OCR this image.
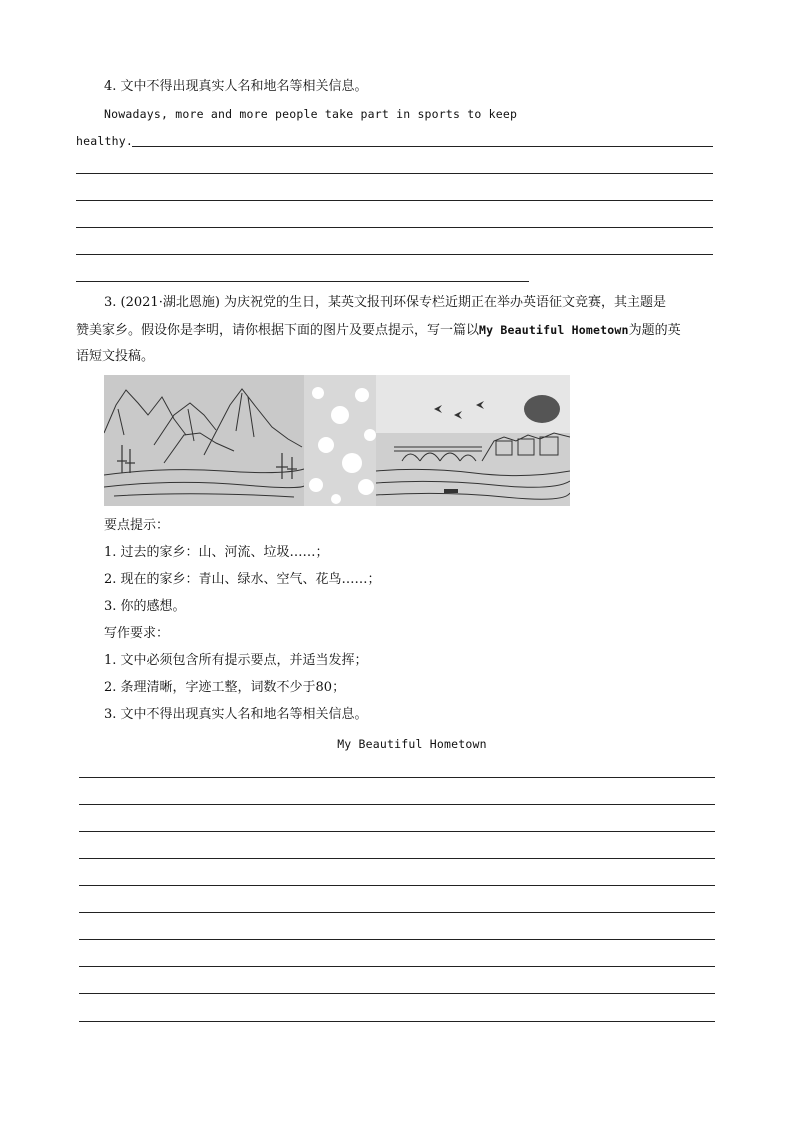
4. 文中不得出现真实人名和地名等相关信息。
Nowadays, more and more people take part in sports to keep
healthy.
3. (2021·湖北恩施) 为庆祝党的生日，某英文报刊环保专栏近期正在举办英语征文竞赛，其主题是
赞美家乡。假设你是李明，请你根据下面的图片及要点提示，写一篇以My Beautiful Hometown为题的英
语短文投稿。
要点提示：
1. 过去的家乡：山、河流、垃圾……；
2. 现在的家乡：青山、绿水、空气、花鸟……；
3. 你的感想。
写作要求：
1. 文中必须包含所有提示要点，并适当发挥；
2. 条理清晰，字迹工整，词数不少于80；
3. 文中不得出现真实人名和地名等相关信息。
My Beautiful Hometown
